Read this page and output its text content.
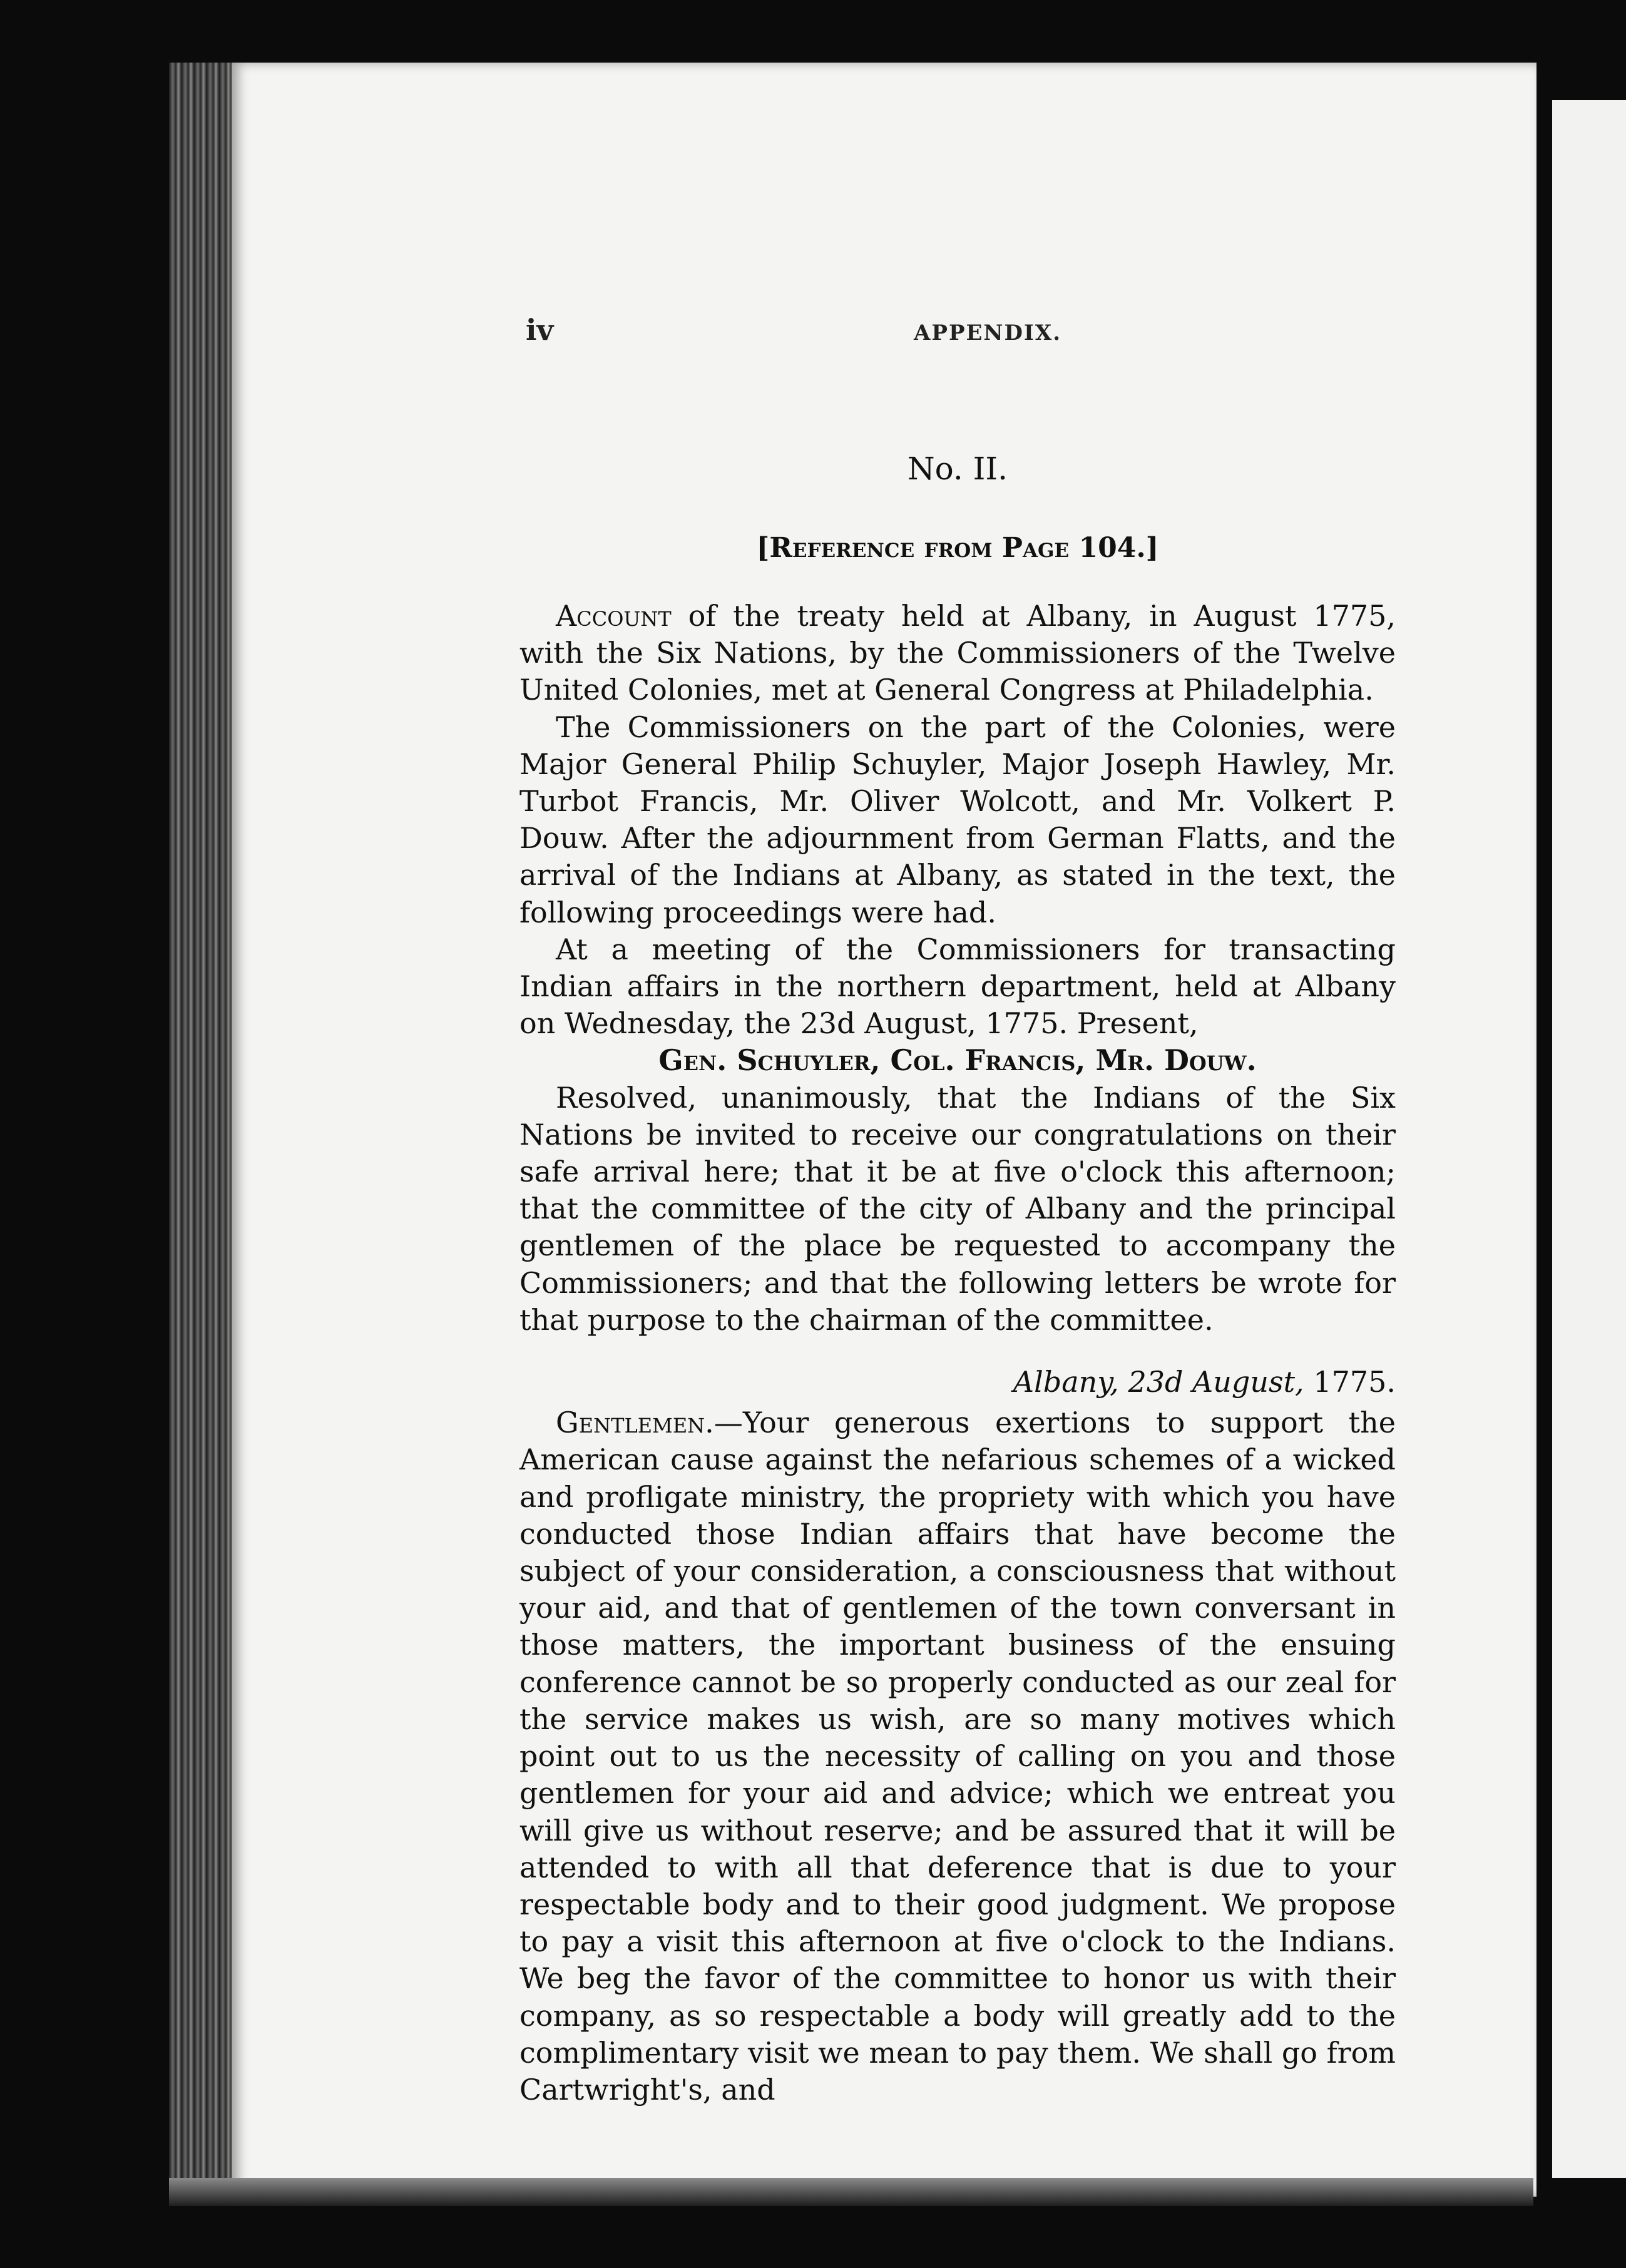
iv	APPENDIX.
No. II.
[Reference from Page 104.]

Account of the treaty held at Albany, in August 1775, with the Six Nations, by the Commissioners of the Twelve United Colonies, met at General Congress at Philadelphia.

The Commissioners on the part of the Colonies, were Major General Philip Schuyler, Major Joseph Hawley, Mr. Turbot Francis, Mr. Oliver Wolcott, and Mr. Volkert P. Douw. After the adjournment from German Flatts, and the arrival of the Indians at Albany, as stated in the text, the following proceedings were had.

At a meeting of the Commissioners for transacting Indian affairs in the northern department, held at Albany on Wednesday, the 23d August, 1775. Present,

Gen. Schuyler, Col. Francis, Mr. Douw.

Resolved, unanimously, that the Indians of the Six Nations be invited to receive our congratulations on their safe arrival here; that it be at five o'clock this afternoon; that the committee of the city of Albany and the principal gentlemen of the place be requested to accompany the Commissioners; and that the following letters be wrote for that purpose to the chairman of the committee.

Albany, 23d August, 1775.

Gentlemen.—Your generous exertions to support the American cause against the nefarious schemes of a wicked and profligate ministry, the propriety with which you have conducted those Indian affairs that have become the subject of your consideration, a consciousness that without your aid, and that of gentlemen of the town conversant in those matters, the important business of the ensuing conference cannot be so properly conducted as our zeal for the service makes us wish, are so many motives which point out to us the necessity of calling on you and those gentlemen for your aid and advice; which we entreat you will give us without reserve; and be assured that it will be attended to with all that deference that is due to your respectable body and to their good judgment. We propose to pay a visit this afternoon at five o'clock to the Indians. We beg the favor of the committee to honor us with their company, as so respectable a body will greatly add to the complimentary visit we mean to pay them. We shall go from Cartwright's, and
